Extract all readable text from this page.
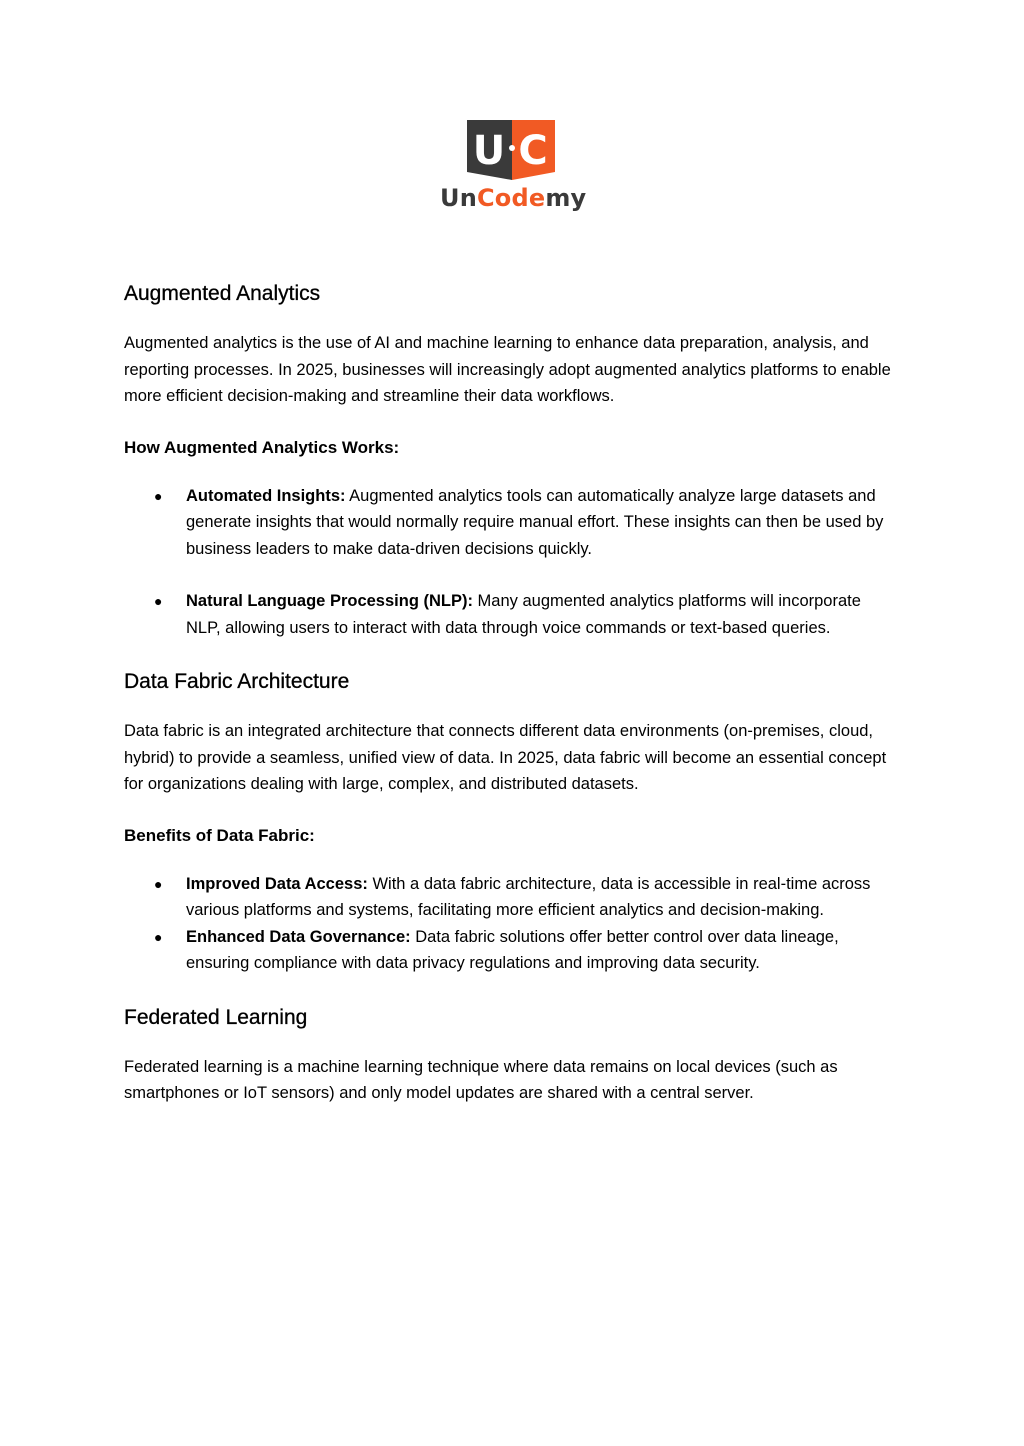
U C
UnCodemy
Augmented Analytics

Augmented analytics is the use of AI and machine learning to enhance data preparation, analysis, and reporting processes. In 2025, businesses will increasingly adopt augmented analytics platforms to enable more efficient decision-making and streamline their data workflows.

How Augmented Analytics Works:
● Automated Insights: Augmented analytics tools can automatically analyze large datasets and generate insights that would normally require manual effort. These insights can then be used by business leaders to make data-driven decisions quickly.
● Natural Language Processing (NLP): Many augmented analytics platforms will incorporate NLP, allowing users to interact with data through voice commands or text-based queries.
Data Fabric Architecture

Data fabric is an integrated architecture that connects different data environments (on-premises, cloud, hybrid) to provide a seamless, unified view of data. In 2025, data fabric will become an essential concept for organizations dealing with large, complex, and distributed datasets.

Benefits of Data Fabric:
● Improved Data Access: With a data fabric architecture, data is accessible in real-time across various platforms and systems, facilitating more efficient analytics and decision-making.
● Enhanced Data Governance: Data fabric solutions offer better control over data lineage, ensuring compliance with data privacy regulations and improving data security.
Federated Learning

Federated learning is a machine learning technique where data remains on local devices (such as smartphones or IoT sensors) and only model updates are shared with a central server.
